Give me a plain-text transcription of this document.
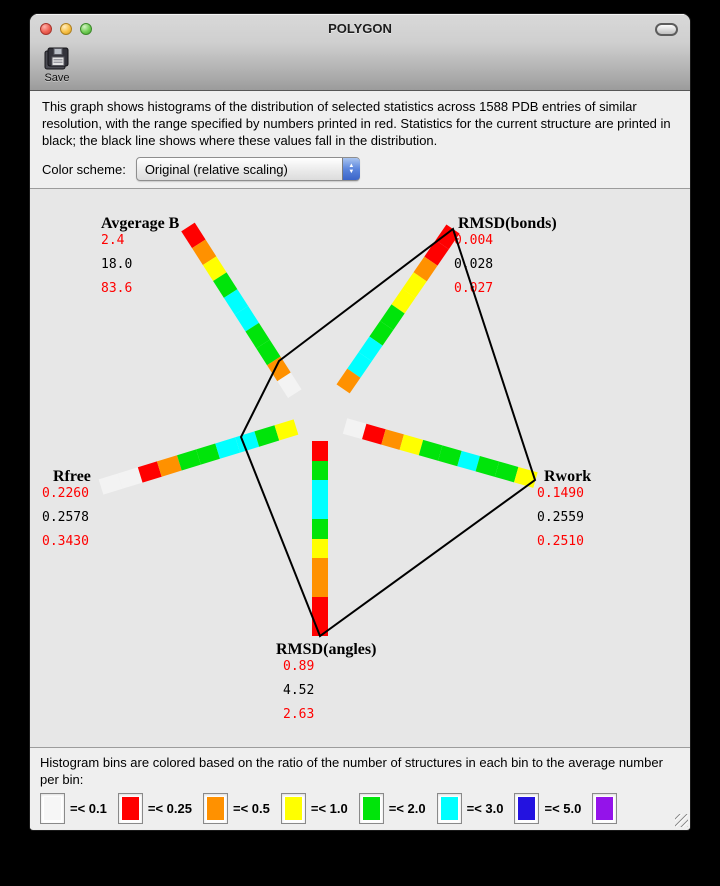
POLYGON
Save

This graph shows histograms of the distribution of selected statistics across 1588 PDB entries of similar resolution, with the range specified by numbers printed in red. Statistics for the current structure are printed in black; the black line shows where these values fall in the distribution.

Color scheme:	Original (relative scaling)	▲
▼
Avgerage B
2.4
18.0
83.6
RMSD(bonds)
0.004
0.028
0.027
Rwork
0.1490
0.2559
0.2510
RMSD(angles)
0.89
4.52
2.63
Rfree
0.2260
0.2578
0.3430

Histogram bins are colored based on the ratio of the number of structures in each bin to the average number per bin:

=< 0.1	=< 0.25	=< 0.5	=< 1.0	=< 2.0	=< 3.0	=< 5.0
